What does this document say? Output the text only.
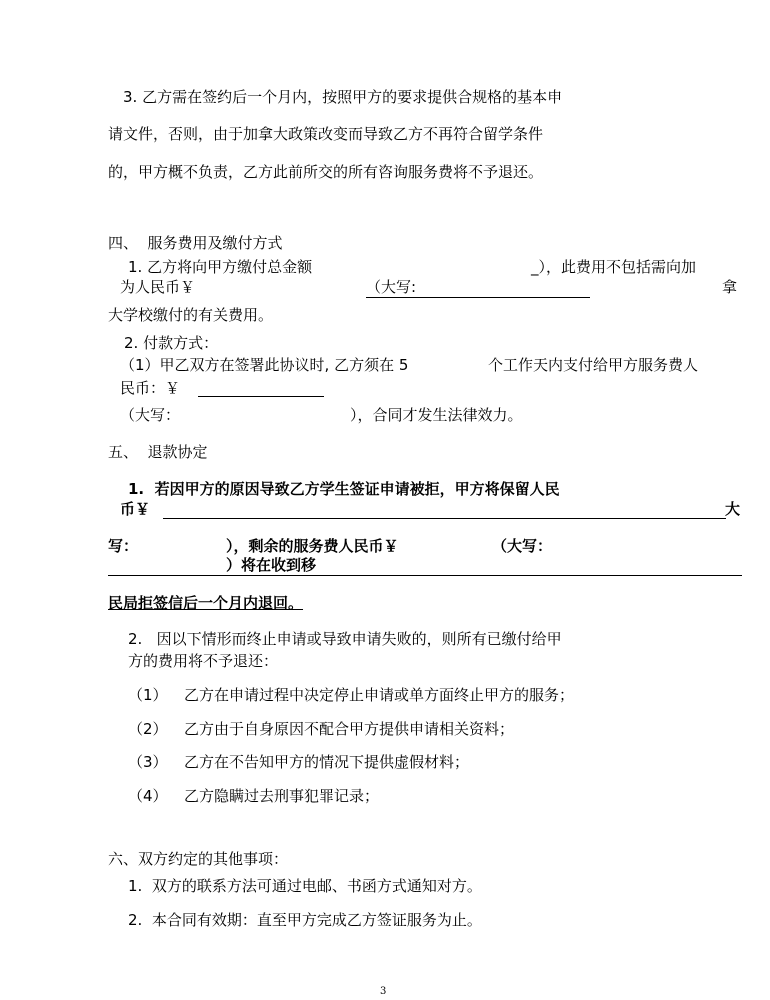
3. 乙方需在签约后一个月内，按照甲方的要求提供合规格的基本申
请文件，否则，由于加拿大政策改变而导致乙方不再符合留学条件
的，甲方概不负责，乙方此前所交的所有咨询服务费将不予退还。
四、  服务费用及缴付方式
1. 乙方将向甲方缴付总金额	_），此费用不包括需向加
为人民币￥	（大写:	拿
大学校缴付的有关费用。
2. 付款方式：
（1）甲乙双方在签署此协议时, 乙方须在 5	个工作天内支付给甲方服务费人
民币：￥
（大写：	），合同才发生法律效力。
五、  退款协定
1.  若因甲方的原因导致乙方学生签证申请被拒，甲方将保留人民
币￥	大
写：	），剩余的服务费人民币￥	（大写：
）将在收到移
民局拒签信后一个月内退回。
2.   因以下情形而终止申请或导致申请失败的，则所有已缴付给甲
方的费用将不予退还：
（1） 乙方在申请过程中决定停止申请或单方面终止甲方的服务；
（2） 乙方由于自身原因不配合甲方提供申请相关资料；
（3） 乙方在不告知甲方的情况下提供虚假材料；
（4） 乙方隐瞒过去刑事犯罪记录；
六、双方约定的其他事项：
1.  双方的联系方法可通过电邮、书函方式通知对方。
2.  本合同有效期：直至甲方完成乙方签证服务为止。
3
